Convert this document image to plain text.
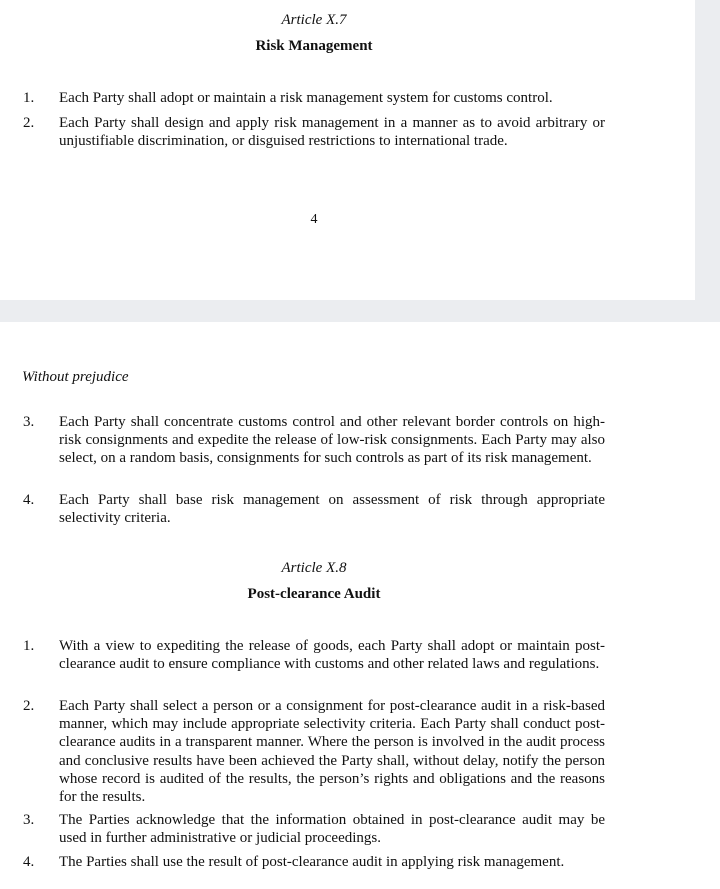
Article X.7
Risk Management
1. Each Party shall adopt or maintain a risk management system for customs control.
2. Each Party shall design and apply risk management in a manner as to avoid arbitrary or unjustifiable discrimination, or disguised restrictions to international trade.
4
Without prejudice
3. Each Party shall concentrate customs control and other relevant border controls on high-risk consignments and expedite the release of low-risk consignments. Each Party may also select, on a random basis, consignments for such controls as part of its risk management.
4. Each Party shall base risk management on assessment of risk through appropriate selectivity criteria.
Article X.8
Post-clearance Audit
1. With a view to expediting the release of goods, each Party shall adopt or maintain post-clearance audit to ensure compliance with customs and other related laws and regulations.
2. Each Party shall select a person or a consignment for post-clearance audit in a risk-based manner, which may include appropriate selectivity criteria. Each Party shall conduct post-clearance audits in a transparent manner. Where the person is involved in the audit process and conclusive results have been achieved the Party shall, without delay, notify the person whose record is audited of the results, the person’s rights and obligations and the reasons for the results.
3. The Parties acknowledge that the information obtained in post-clearance audit may be used in further administrative or judicial proceedings.
4. The Parties shall use the result of post-clearance audit in applying risk management.
